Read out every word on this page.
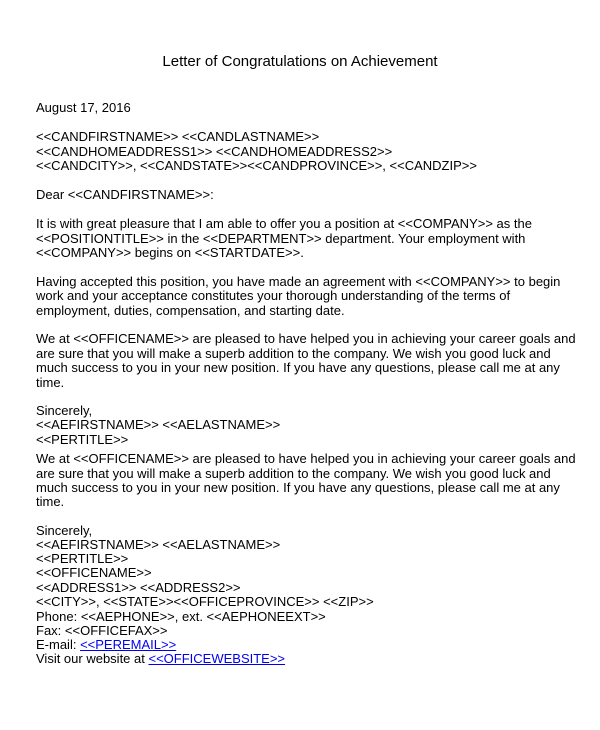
Letter of Congratulations on Achievement
August 17, 2016
<<CANDFIRSTNAME>> <<CANDLASTNAME>>
<<CANDHOMEADDRESS1>> <<CANDHOMEADDRESS2>>
<<CANDCITY>>, <<CANDSTATE>><<CANDPROVINCE>>, <<CANDZIP>>
Dear <<CANDFIRSTNAME>>:
It is with great pleasure that I am able to offer you a position at <<COMPANY>> as the
<<POSITIONTITLE>> in the <<DEPARTMENT>> department. Your employment with
<<COMPANY>> begins on <<STARTDATE>>.
Having accepted this position, you have made an agreement with <<COMPANY>> to begin
work and your acceptance constitutes your thorough understanding of the terms of
employment, duties, compensation, and starting date.
We at <<OFFICENAME>> are pleased to have helped you in achieving your career goals and
are sure that you will make a superb addition to the company. We wish you good luck and
much success to you in your new position. If you have any questions, please call me at any
time.
Sincerely,
<<AEFIRSTNAME>> <<AELASTNAME>>
<<PERTITLE>>
We at <<OFFICENAME>> are pleased to have helped you in achieving your career goals and
are sure that you will make a superb addition to the company. We wish you good luck and
much success to you in your new position. If you have any questions, please call me at any
time.
Sincerely,
<<AEFIRSTNAME>> <<AELASTNAME>>
<<PERTITLE>>
<<OFFICENAME>>
<<ADDRESS1>> <<ADDRESS2>>
<<CITY>>, <<STATE>><<OFFICEPROVINCE>> <<ZIP>>
Phone: <<AEPHONE>>, ext. <<AEPHONEEXT>>
Fax: <<OFFICEFAX>>
E-mail: <<PEREMAIL>>
Visit our website at <<OFFICEWEBSITE>>
